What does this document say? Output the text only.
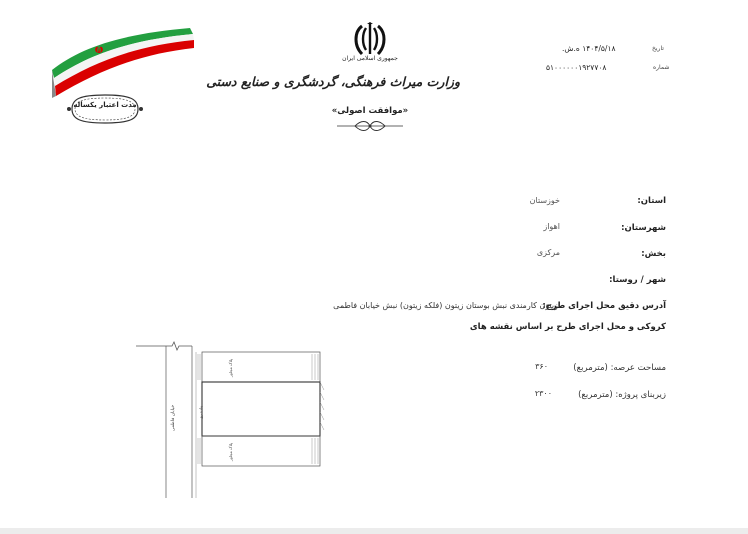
مدت اعتبار یکساله
جمهوری اسلامی ایران
وزارت میراث فرهنگی، گردشگری و صنایع دستی
«موافقت اصولی»
تاریخ
۱۴۰۴/۵/۱۸ ه.ش.
شماره
۵۱۰۰۰۰۰۰۱۹۲۷۷۰۸
استان:
خوزستان
شهرستان:
اهواز
بخش:
مرکزی
شهر / روستا:
آدرس دقیق محل اجرای طرح:
زیتون کارمندی نبش بوستان زیتون (فلکه زیتون) نبش خیابان فاطمی
کروکی و محل اجرای طرح بر اساس نقشه های
مساحت عرصه: (مترمربع)
۳۶۰
زیربنای پروژه: (مترمربع)
۲۳۰۰
خیابان فاطمی	پیاده رو
پلاک مجاور
پلاک مجاور
